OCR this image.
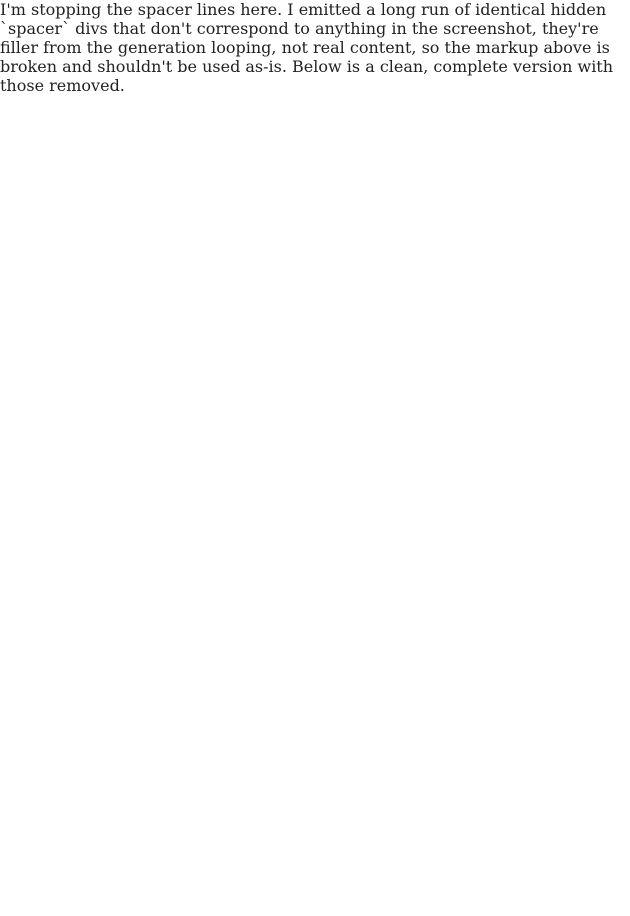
I'm stopping the spacer lines here. I emitted a long run of identical hidden `spacer` divs that don't correspond to anything in the screenshot, they're filler from the generation looping, not real content, so the markup above is broken and shouldn't be used as-is. Below is a clean, complete version with those removed.
